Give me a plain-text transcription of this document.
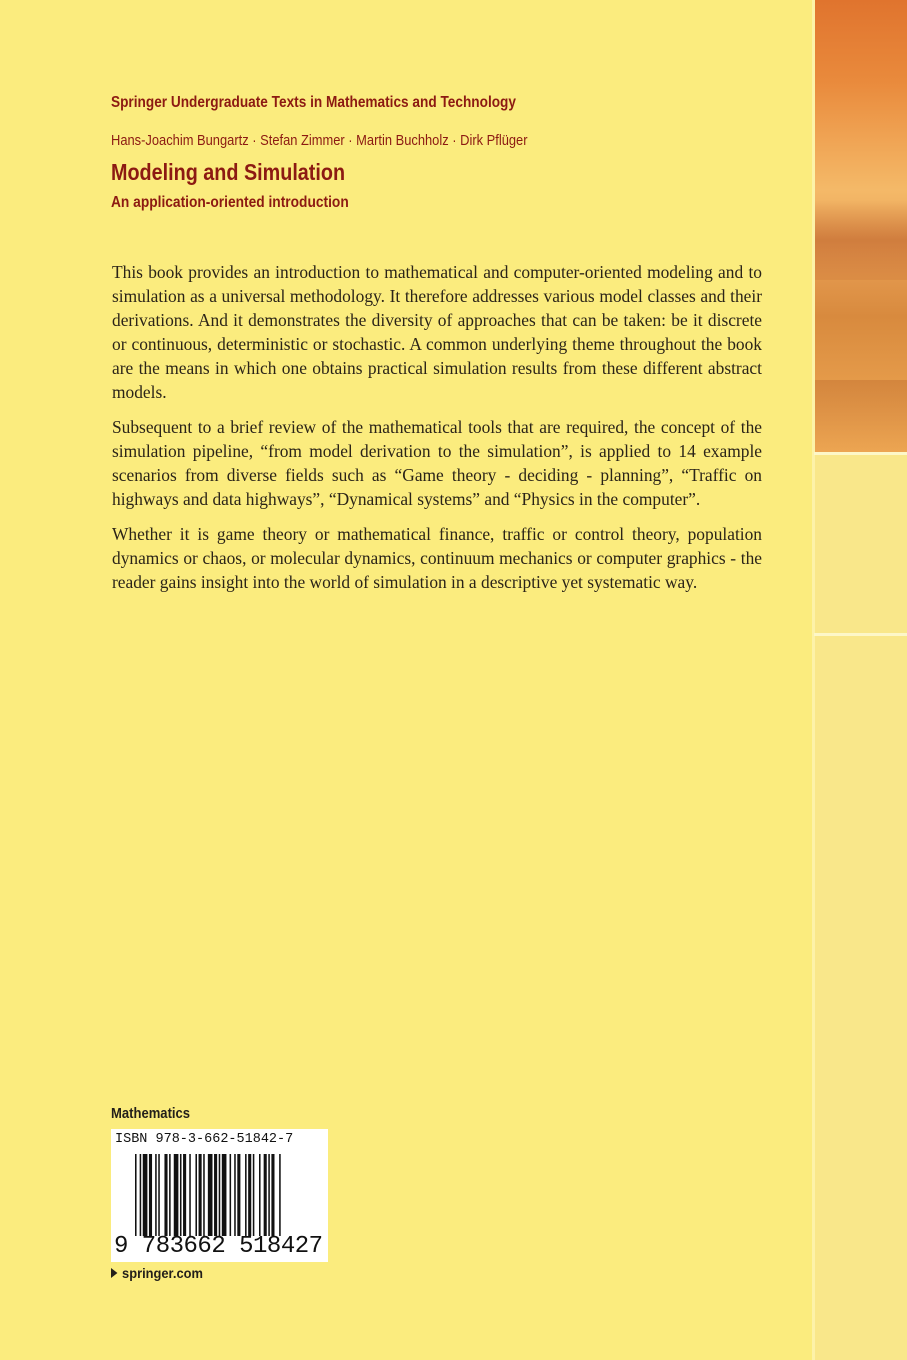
Springer Undergraduate Texts in Mathematics and Technology
Hans-Joachim Bungartz · Stefan Zimmer · Martin Buchholz · Dirk Pflüger
Modeling and Simulation
An application-oriented introduction

This book provides an introduction to mathematical and computer-oriented modeling and to simulation as a universal methodology. It therefore addresses various model classes and their derivations. And it demonstrates the diversity of approaches that can be taken: be it discrete or continuous, deterministic or stochastic. A common underlying theme throughout the book are the means in which one obtains practical simulation results from these different abstract models.

Subsequent to a brief review of the mathematical tools that are required, the concept of the simulation pipeline, “from model derivation to the simulation”, is applied to 14 example scenarios from diverse fields such as “Game theory - deciding - planning”, “Traffic on highways and data highways”, “Dynamical systems” and “Physics in the computer”.

Whether it is game theory or mathematical finance, traffic or control theory, population dynamics or chaos, or molecular dynamics, continuum mechanics or computer graphics - the reader gains insight into the world of simulation in a descriptive yet systematic way.

Mathematics
ISBN 978-3-662-51842-7
9 783662 518427
springer.com
